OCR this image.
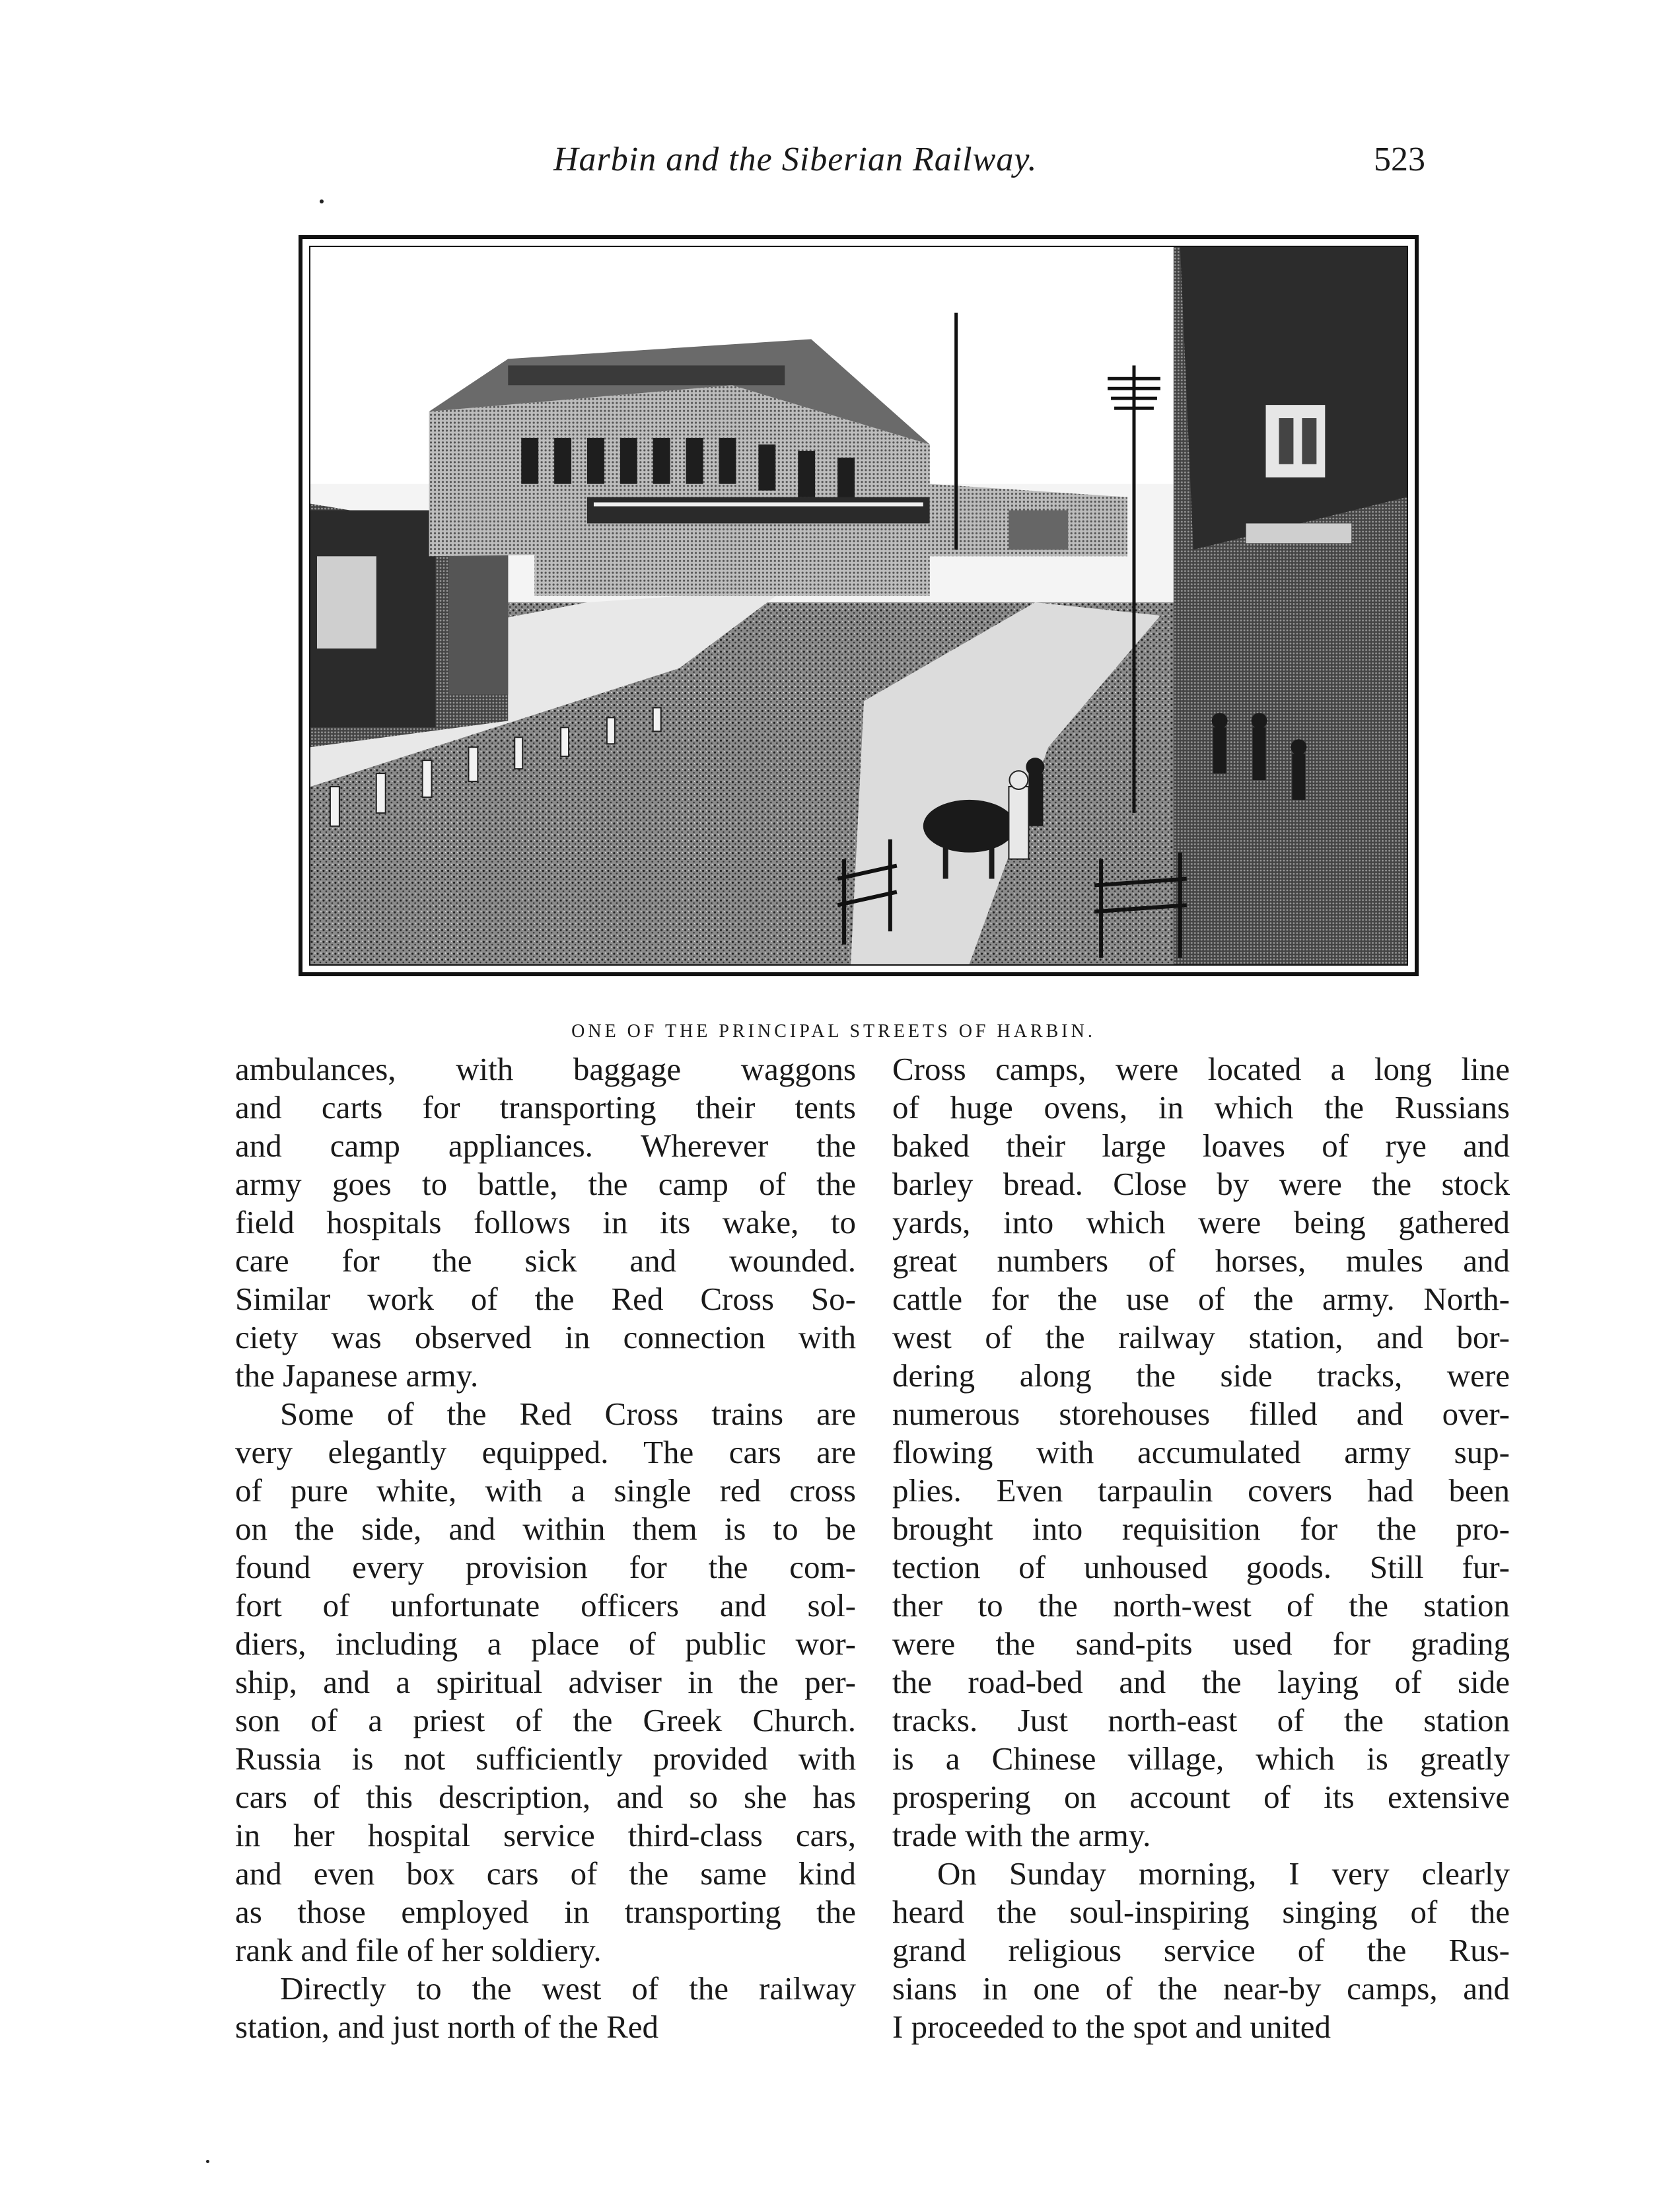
Harbin and the Siberian Railway.	523
ONE OF THE PRINCIPAL STREETS OF HARBIN.
ambulances, with baggage waggons
and carts for transporting their tents
and camp appliances. Wherever the
army goes to battle, the camp of the
field hospitals follows in its wake, to
care for the sick and wounded.
Similar work of the Red Cross So-
ciety was observed in connection with
the Japanese army.
Some of the Red Cross trains are
very elegantly equipped. The cars are
of pure white, with a single red cross
on the side, and within them is to be
found every provision for the com-
fort of unfortunate officers and sol-
diers, including a place of public wor-
ship, and a spiritual adviser in the per-
son of a priest of the Greek Church.
Russia is not sufficiently provided with
cars of this description, and so she has
in her hospital service third-class cars,
and even box cars of the same kind
as those employed in transporting the
rank and file of her soldiery.
Directly to the west of the railway
station, and just north of the Red
Cross camps, were located a long line
of huge ovens, in which the Russians
baked their large loaves of rye and
barley bread. Close by were the stock
yards, into which were being gathered
great numbers of horses, mules and
cattle for the use of the army. North-
west of the railway station, and bor-
dering along the side tracks, were
numerous storehouses filled and over-
flowing with accumulated army sup-
plies. Even tarpaulin covers had been
brought into requisition for the pro-
tection of unhoused goods. Still fur-
ther to the north-west of the station
were the sand-pits used for grading
the road-bed and the laying of side
tracks. Just north-east of the station
is a Chinese village, which is greatly
prospering on account of its extensive
trade with the army.
On Sunday morning, I very clearly
heard the soul-inspiring singing of the
grand religious service of the Rus-
sians in one of the near-by camps, and
I proceeded to the spot and united
